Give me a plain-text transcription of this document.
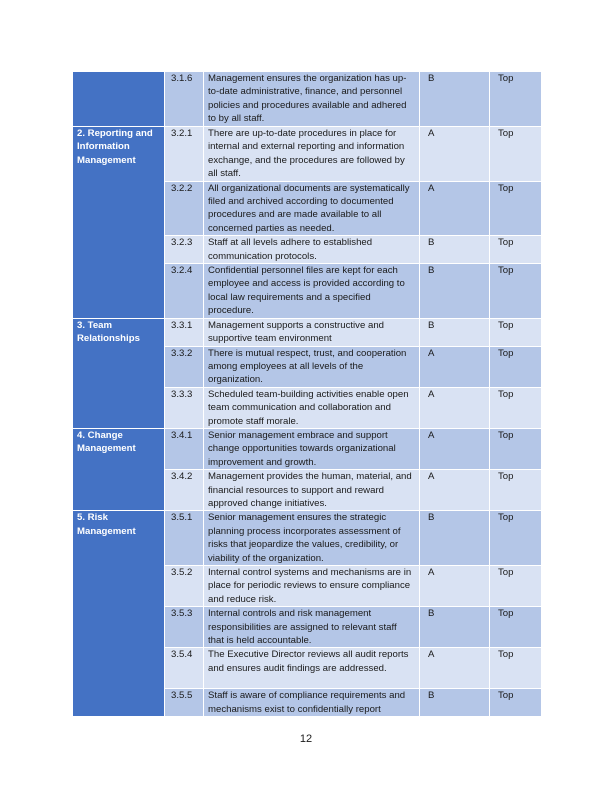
	3.1.6	Management ensures the organization has up-to-date administrative, finance, and personnel policies and procedures available and adhered to by all staff.	B	Top
2. Reporting and Information Management	3.2.1	There are up-to-date procedures in place for internal and external reporting and information exchange, and the procedures are followed by all staff.	A	Top
	3.2.2	All organizational documents are systematically filed and archived according to documented procedures and are made available to all concerned parties as needed.	A	Top
	3.2.3	Staff at all levels adhere to established communication protocols.	B	Top
	3.2.4	Confidential personnel files are kept for each employee and access is provided according to local law requirements and a specified procedure.	B	Top
3. Team Relationships	3.3.1	Management supports a constructive and supportive team environment	B	Top
	3.3.2	There is mutual respect, trust, and cooperation among employees at all levels of the organization.	A	Top
	3.3.3	Scheduled team-building activities enable open team communication and collaboration and promote staff morale.	A	Top
4. Change Management	3.4.1	Senior management embrace and support change opportunities towards organizational improvement and growth.	A	Top
	3.4.2	Management provides the human, material, and financial resources to support and reward approved change initiatives.	A	Top
5. Risk Management	3.5.1	Senior management ensures the strategic planning process incorporates assessment of risks that jeopardize the values, credibility, or viability of the organization.	B	Top
	3.5.2	Internal control systems and mechanisms are in place for periodic reviews to ensure compliance and reduce risk.	A	Top
	3.5.3	Internal controls and risk management responsibilities are assigned to relevant staff that is held accountable.	B	Top
	3.5.4	The Executive Director reviews all audit reports and ensures audit findings are addressed.	A	Top
	3.5.5	Staff is aware of compliance requirements and mechanisms exist to confidentially report	B	Top
12
